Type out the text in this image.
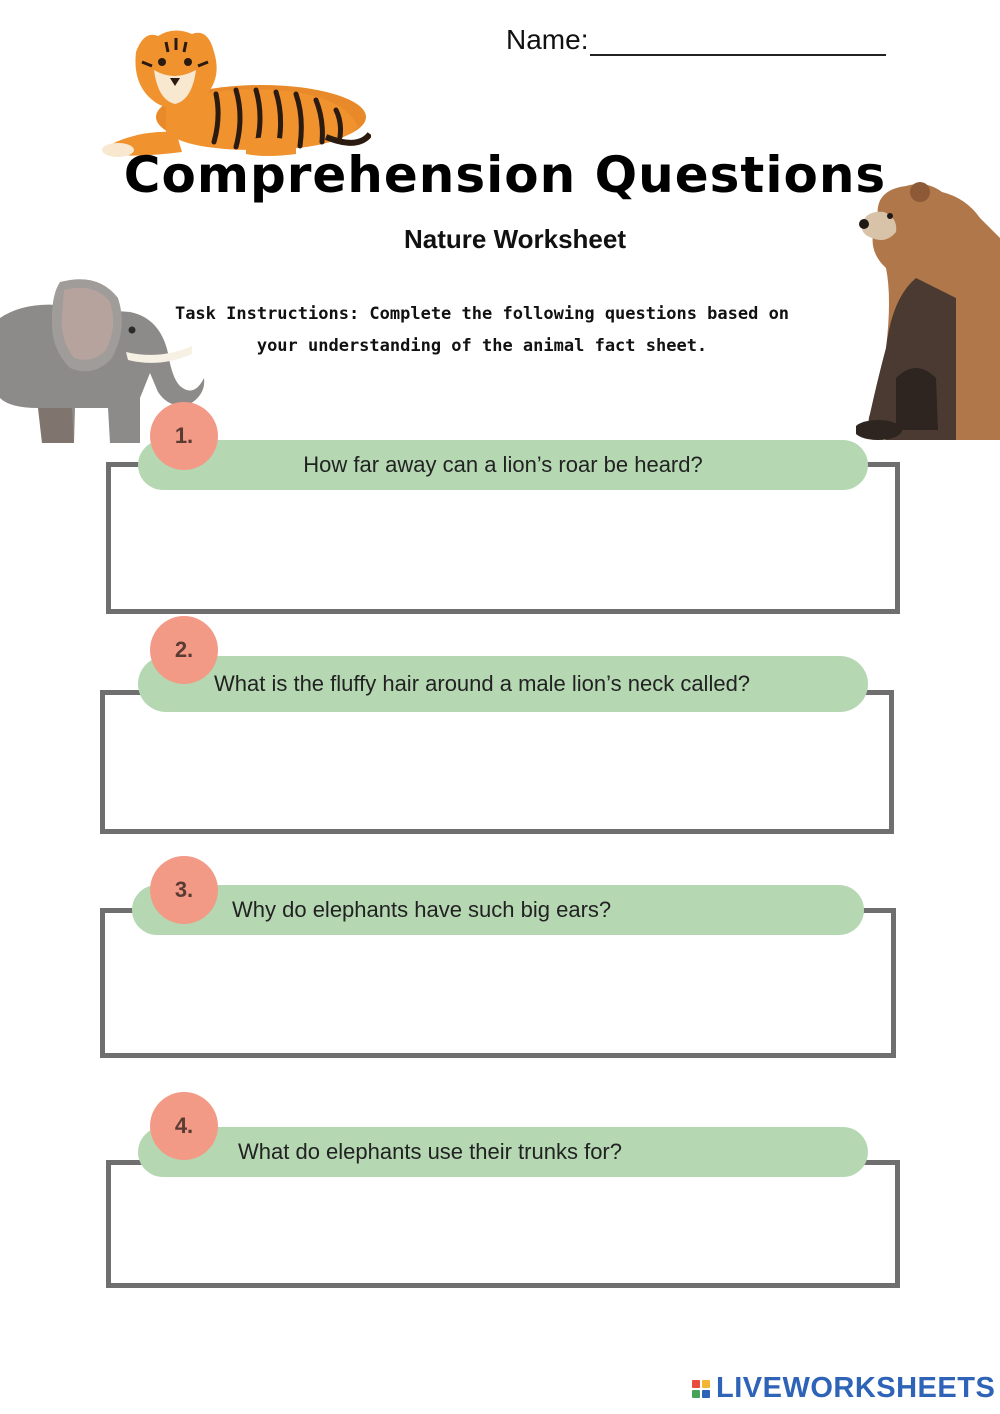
Name:
Comprehension Questions
Nature Worksheet
Task Instructions: Complete the following questions based on your understanding of the animal fact sheet.
How far away can a lion’s roar be heard?
1.
What is the fluffy hair around a male lion’s neck called?
2.
Why do elephants have such big ears?
3.
What do elephants use their trunks for?
4.
LIVEWORKSHEETS
